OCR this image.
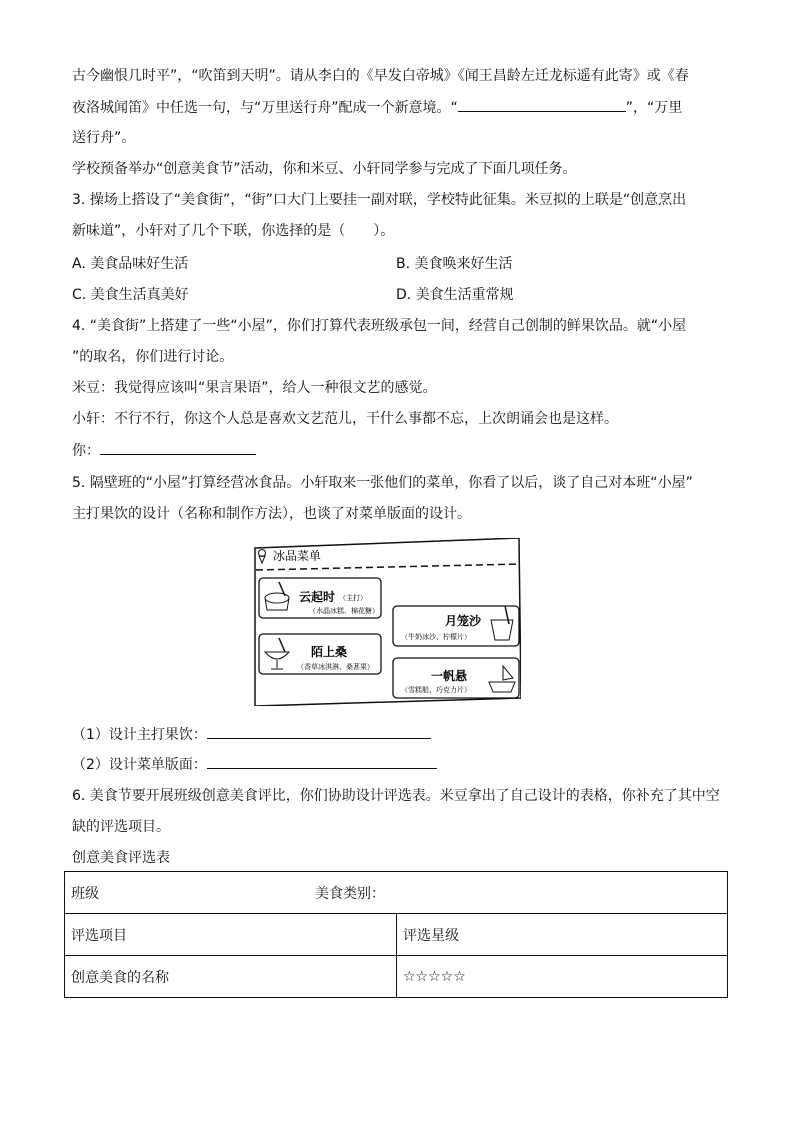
古今幽恨几时平”，“吹笛到天明”。请从李白的《早发白帝城》《闻王昌龄左迁龙标遥有此寄》或《春
夜洛城闻笛》中任选一句，与“万里送行舟”配成一个新意境。“	”，“万里
送行舟”。
学校预备举办“创意美食节”活动，你和米豆、小轩同学参与完成了下面几项任务。
3. 操场上搭设了“美食街”，“街”口大门上要挂一副对联，学校特此征集。米豆拟的上联是“创意烹出
新味道”，小轩对了几个下联，你选择的是（　　）。
A. 美食品味好生活	B. 美食唤来好生活
C. 美食生活真美好	D. 美食生活重常规
4. “美食街”上搭建了一些“小屋”，你们打算代表班级承包一间，经营自己创制的鲜果饮品。就“小屋
”的取名，你们进行讨论。
米豆：我觉得应该叫“果言果语”，给人一种很文艺的感觉。
小轩：不行不行，你这个人总是喜欢文艺范儿，干什么事都不忘，上次朗诵会也是这样。
你：
5. 隔壁班的“小屋”打算经营冰食品。小轩取来一张他们的菜单，你看了以后，谈了自己对本班“小屋”
主打果饮的设计（名称和制作方法），也谈了对菜单版面的设计。
冰品菜单
云起时 （主打）
（水晶冰糕、棉花糖）
月笼沙
（牛奶冰沙、柠檬片）
陌上桑
（香草冰淇淋、桑葚果）
一帆悬
（雪糕船、巧克力片）
（1）设计主打果饮：
（2）设计菜单版面：
6. 美食节要开展班级创意美食评比，你们协助设计评选表。米豆拿出了自己设计的表格，你补充了其中空
缺的评选项目。
创意美食评选表
班级 美食类别：	
评选项目	评选星级
创意美食的名称	☆☆☆☆☆
